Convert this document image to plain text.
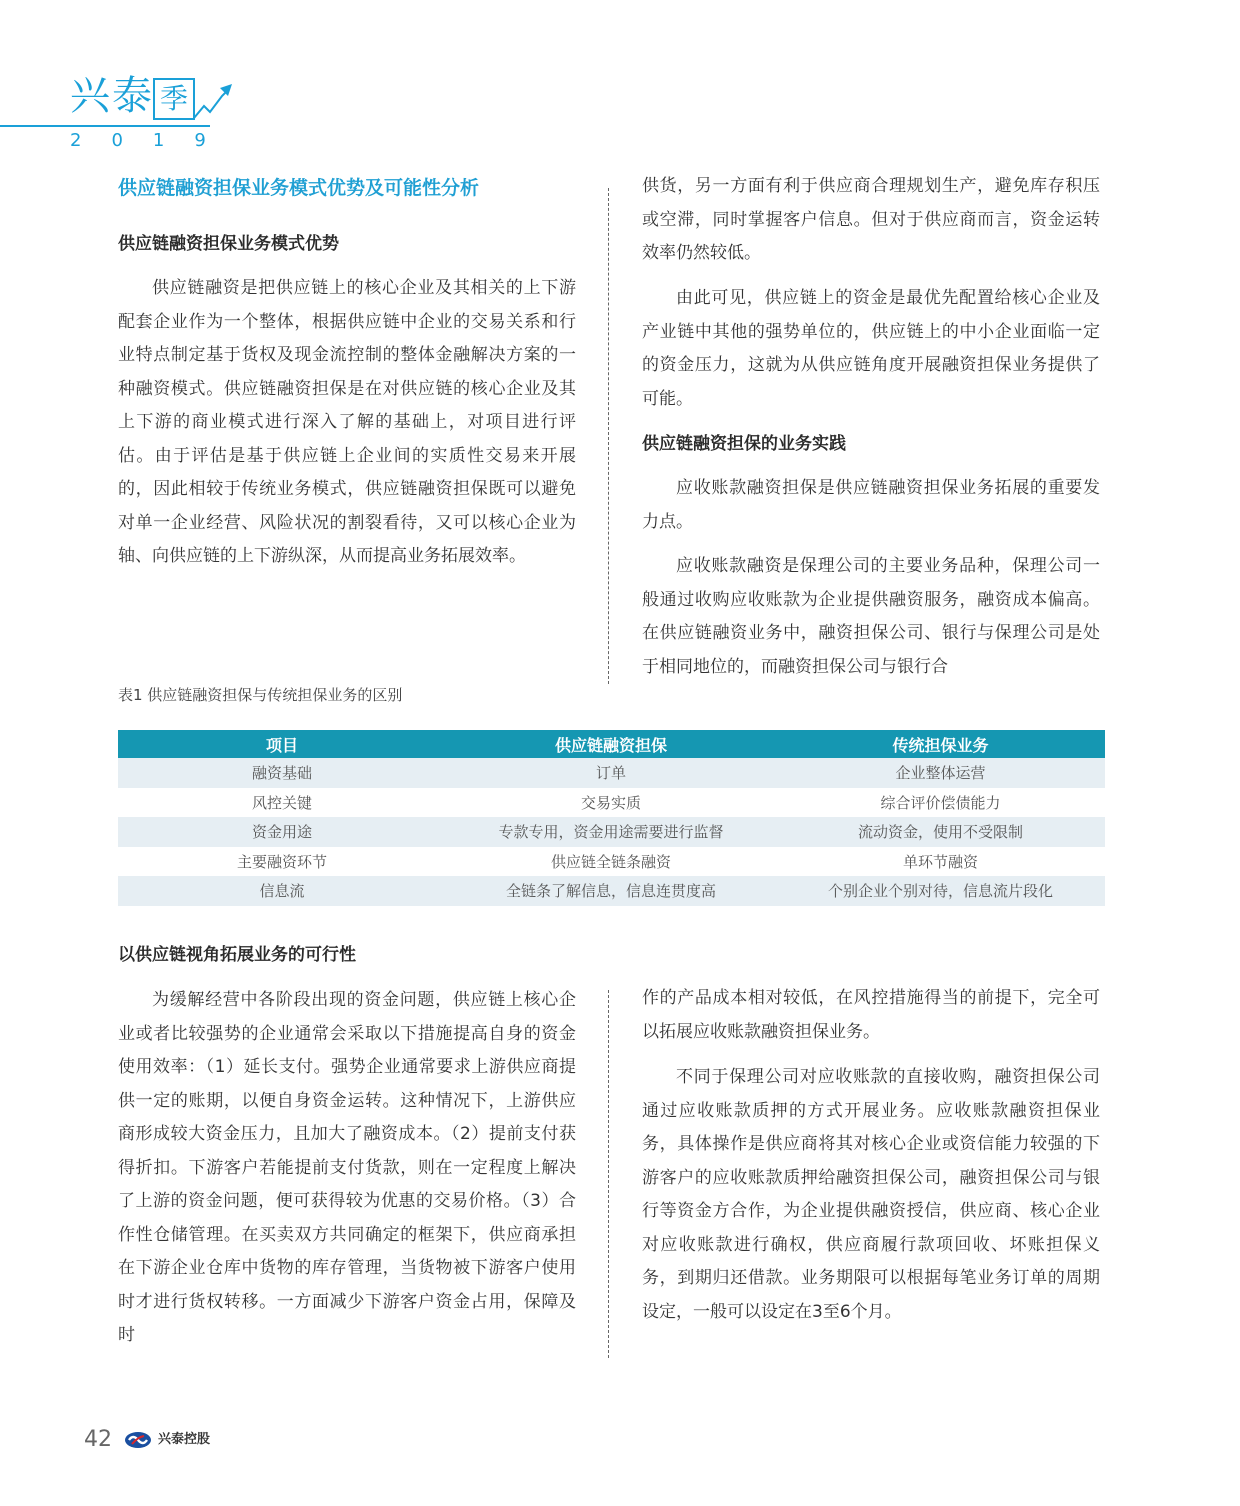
兴泰 季
2019
供应链融资担保业务模式优势及可能性分析
供应链融资担保业务模式优势

供应链融资是把供应链上的核心企业及其相关的上下游配套企业作为一个整体，根据供应链中企业的交易关系和行业特点制定基于货权及现金流控制的整体金融解决方案的一种融资模式。供应链融资担保是在对供应链的核心企业及其上下游的商业模式进行深入了解的基础上，对项目进行评估。由于评估是基于供应链上企业间的实质性交易来开展的，因此相较于传统业务模式，供应链融资担保既可以避免对单一企业经营、风险状况的割裂看待，又可以核心企业为轴、向供应链的上下游纵深，从而提高业务拓展效率。

供货，另一方面有利于供应商合理规划生产，避免库存积压或空滞，同时掌握客户信息。但对于供应商而言，资金运转效率仍然较低。

由此可见，供应链上的资金是最优先配置给核心企业及产业链中其他的强势单位的，供应链上的中小企业面临一定的资金压力，这就为从供应链角度开展融资担保业务提供了可能。

供应链融资担保的业务实践

应收账款融资担保是供应链融资担保业务拓展的重要发力点。

应收账款融资是保理公司的主要业务品种，保理公司一般通过收购应收账款为企业提供融资服务，融资成本偏高。在供应链融资业务中，融资担保公司、银行与保理公司是处于相同地位的，而融资担保公司与银行合

表1 供应链融资担保与传统担保业务的区别
项目	供应链融资担保	传统担保业务
融资基础	订单	企业整体运营
风控关键	交易实质	综合评价偿债能力
资金用途	专款专用，资金用途需要进行监督	流动资金，使用不受限制
主要融资环节	供应链全链条融资	单环节融资
信息流	全链条了解信息，信息连贯度高	个别企业个别对待，信息流片段化
以供应链视角拓展业务的可行性

为缓解经营中各阶段出现的资金问题，供应链上核心企业或者比较强势的企业通常会采取以下措施提高自身的资金使用效率：（1）延长支付。强势企业通常要求上游供应商提供一定的账期，以便自身资金运转。这种情况下，上游供应商形成较大资金压力，且加大了融资成本。（2）提前支付获得折扣。下游客户若能提前支付货款，则在一定程度上解决了上游的资金问题，便可获得较为优惠的交易价格。（3）合作性仓储管理。在买卖双方共同确定的框架下，供应商承担在下游企业仓库中货物的库存管理，当货物被下游客户使用时才进行货权转移。一方面减少下游客户资金占用，保障及时

作的产品成本相对较低，在风控措施得当的前提下，完全可以拓展应收账款融资担保业务。

不同于保理公司对应收账款的直接收购，融资担保公司通过应收账款质押的方式开展业务。应收账款融资担保业务，具体操作是供应商将其对核心企业或资信能力较强的下游客户的应收账款质押给融资担保公司，融资担保公司与银行等资金方合作，为企业提供融资授信，供应商、核心企业对应收账款进行确权，供应商履行款项回收、坏账担保义务，到期归还借款。业务期限可以根据每笔业务订单的周期设定，一般可以设定在3至6个月。

42	兴泰控股
